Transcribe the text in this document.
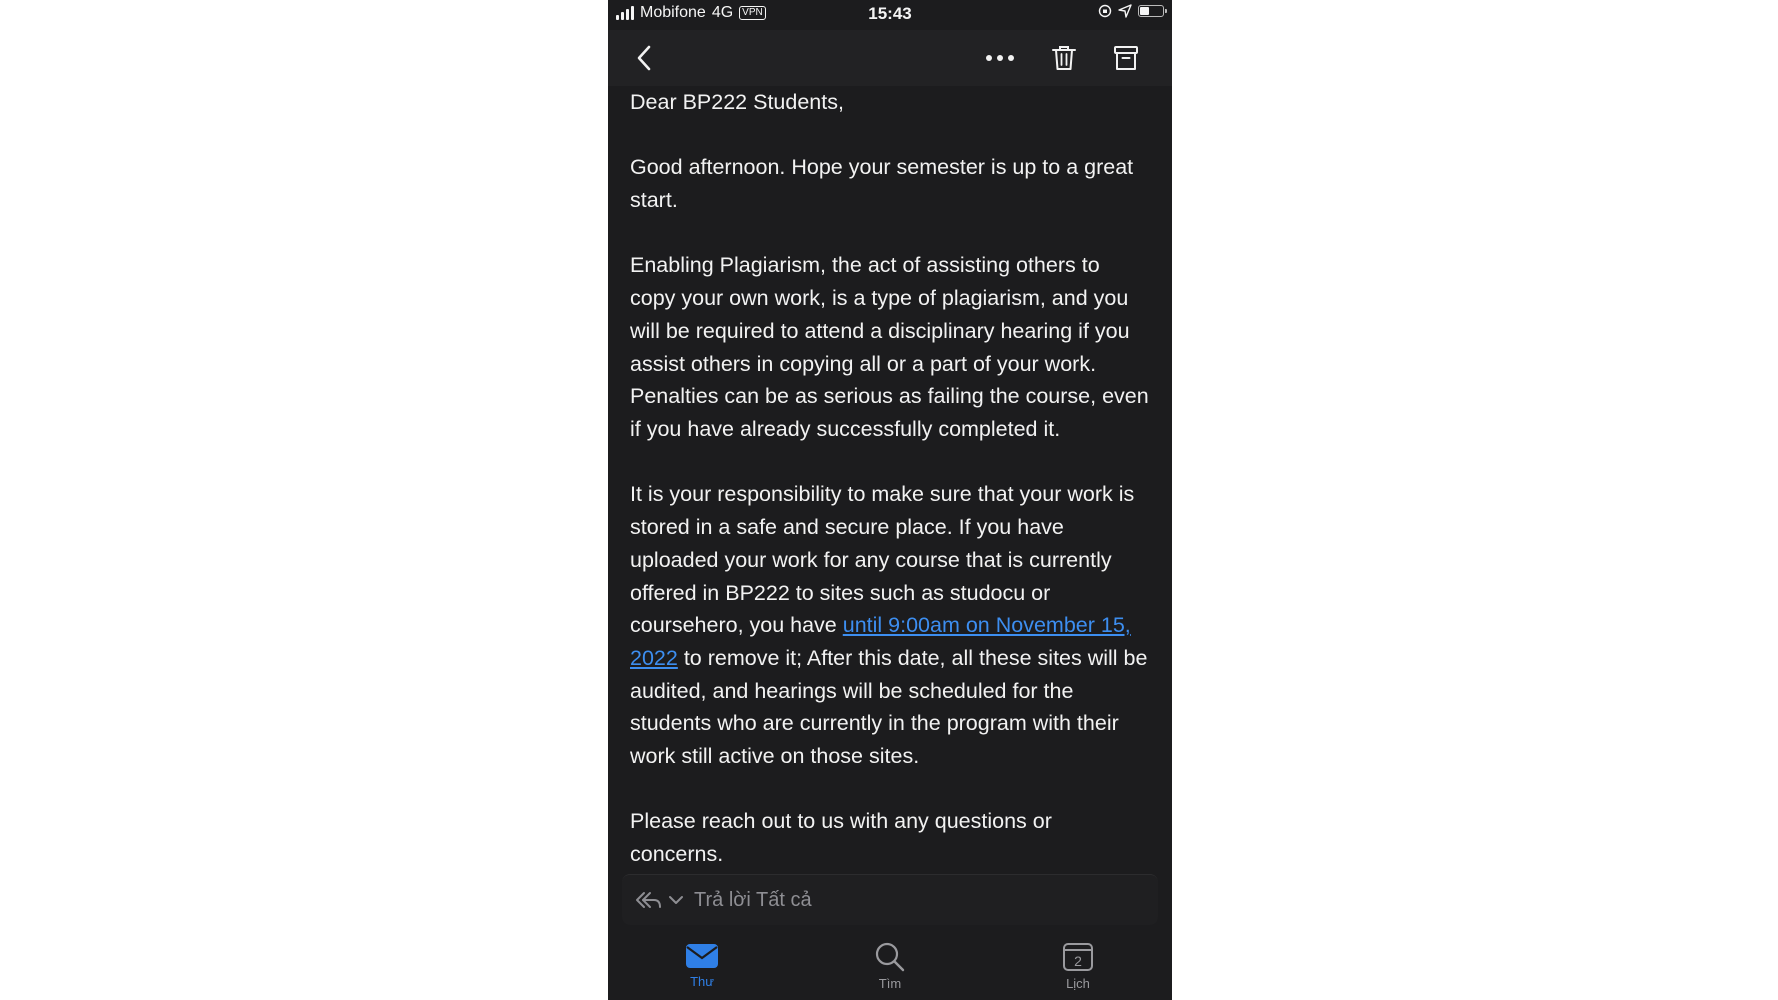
Mobifone 4G VPN	15:43

Dear BP222 Students,

Good afternoon. Hope your semester is up to a great start.

Enabling Plagiarism, the act of assisting others to copy your own work, is a type of plagiarism, and you will be required to attend a disciplinary hearing if you assist others in copying all or a part of your work. Penalties can be as serious as failing the course, even if you have already successfully completed it.

It is your responsibility to make sure that your work is stored in a safe and secure place. If you have uploaded your work for any course that is currently offered in BP222 to sites such as studocu or coursehero, you have until 9:00am on November 15, 2022 to remove it; After this date, all these sites will be audited, and hearings will be scheduled for the students who are currently in the program with their work still active on those sites.

Please reach out to us with any questions or concerns.

Trả lời Tất cả
Thư	Tìm
2
Lịch
